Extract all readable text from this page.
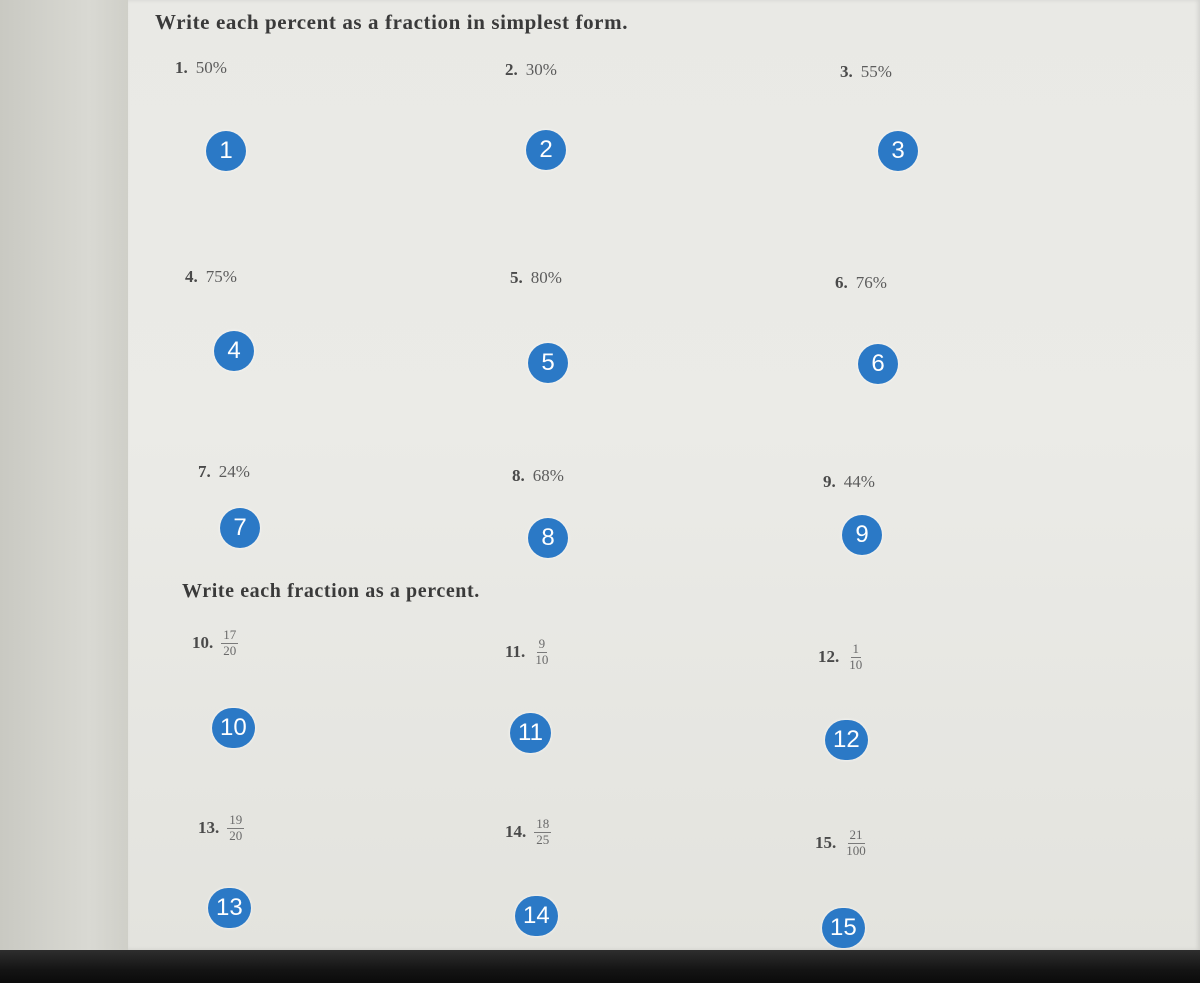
Write each percent as a fraction in simplest form.
1. 50%	2. 30%	3. 55%
1	2	3
4. 75%	5. 80%	6. 76%
4	5	6
7. 24%	8. 68%	9. 44%
7	8	9
Write each fraction as a percent.
10. $\frac{17}{20}$	11. $\frac{9}{10}$	12. $\frac{1}{10}$
10	11	12
13. $\frac{19}{20}$	14. $\frac{18}{25}$	15. $\frac{21}{100}$
13	14	15
